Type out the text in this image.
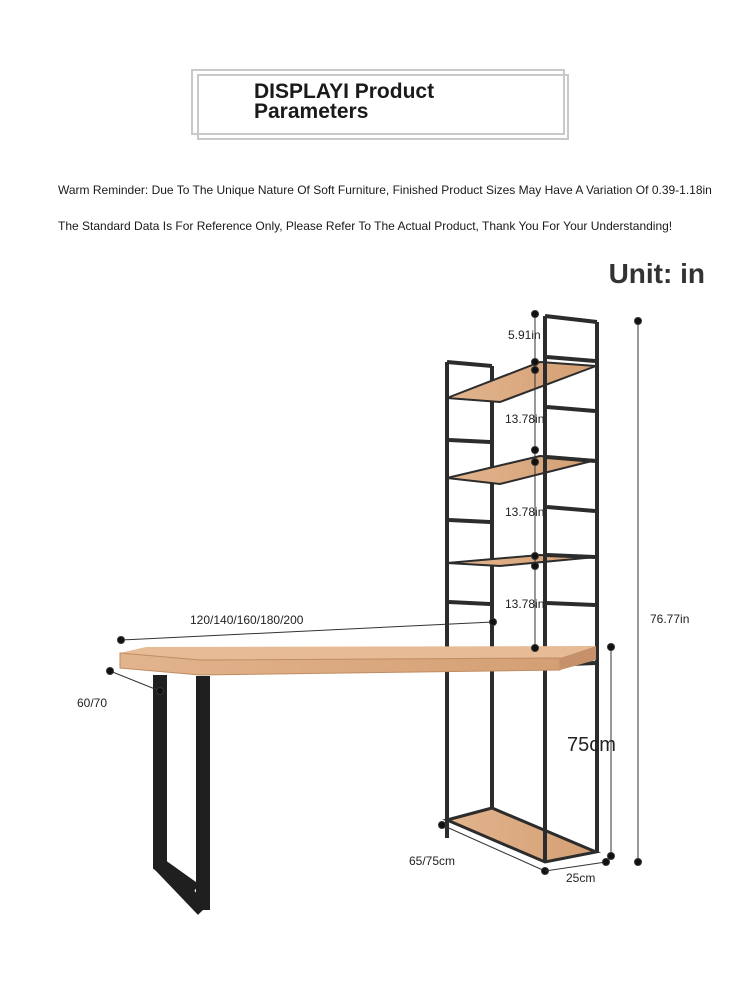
DISPLAYI Product Parameters
Warm Reminder: Due To The Unique Nature Of Soft Furniture, Finished Product Sizes May Have A Variation Of 0.39-1.18in
The Standard Data Is For Reference Only, Please Refer To The Actual Product, Thank You For Your Understanding!
Unit: in
5.91in
13.78in
13.78in
13.78in
120/140/160/180/200
60/70
76.77in
75cm
65/75cm
25cm
